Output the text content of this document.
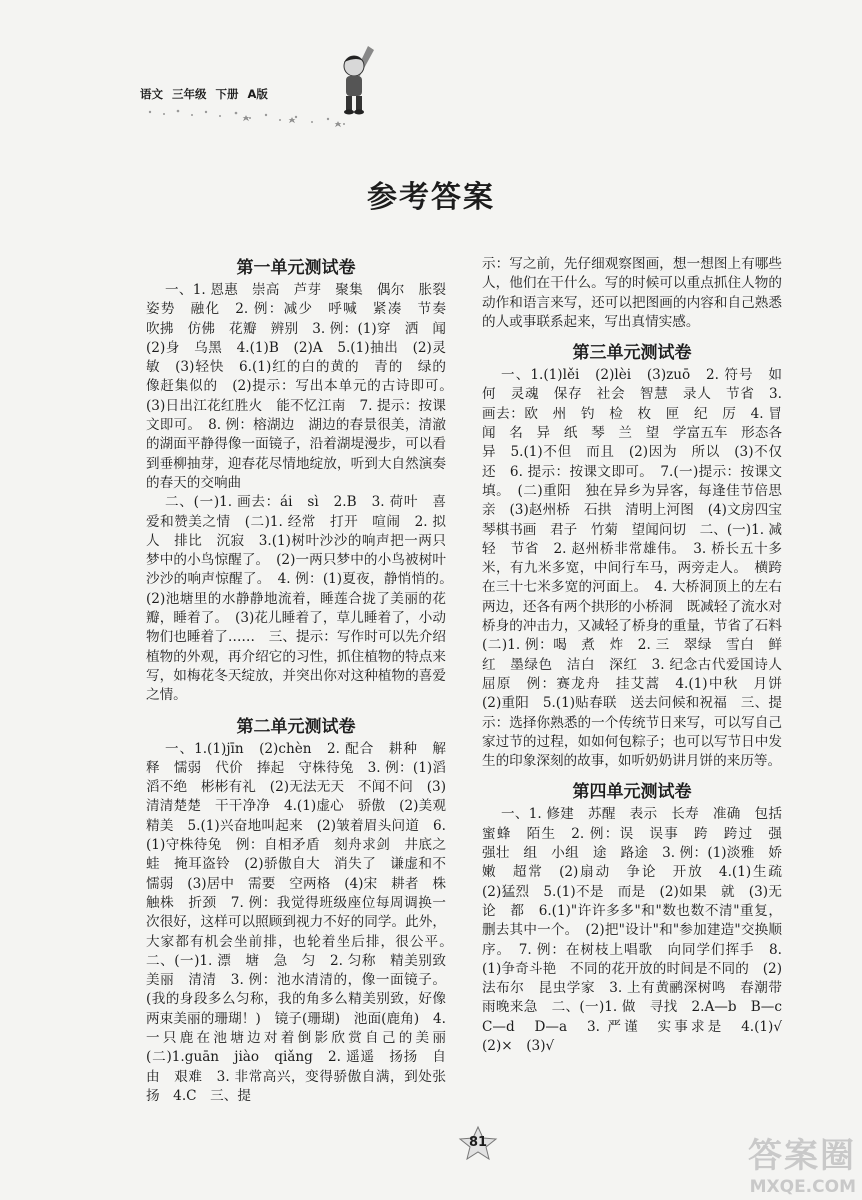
语文 三年级 下册 A版
参考答案
第一单元测试卷

一、1. 恩惠　崇高　芦芽　聚集　偶尔　胀裂　姿势　融化　2. 例：减少　呼喊　紧凑　节奏　吹拂　仿佛　花瓣　辨别　3. 例：(1)穿　洒　闻　(2)身　乌黑　4.(1)B　(2)A　5.(1)抽出　(2)灵敏　(3)轻快　6.(1)红的白的黄的　青的　绿的　像赶集似的　(2)提示：写出本单元的古诗即可。　(3)日出江花红胜火　能不忆江南　7. 提示：按课文即可。　8. 例：榕湖边　湖边的春景很美，清澈的湖面平静得像一面镜子，沿着湖堤漫步，可以看到垂柳抽芽，迎春花尽情地绽放，听到大自然演奏的春天的交响曲

二、(一)1. 画去：ái　sì　2.B　3. 荷叶　喜爱和赞美之情　(二)1. 经常　打开　喧闹　2. 拟人　排比　沉寂　3.(1)树叶沙沙的响声把一两只梦中的小鸟惊醒了。　(2)一两只梦中的小鸟被树叶沙沙的响声惊醒了。　4. 例：(1)夏夜，静悄悄的。　(2)池塘里的水静静地流着，睡莲合拢了美丽的花瓣，睡着了。　(3)花儿睡着了，草儿睡着了，小动物们也睡着了……　三、提示：写作时可以先介绍植物的外观，再介绍它的习性，抓住植物的特点来写，如梅花冬天绽放，并突出你对这种植物的喜爱之情。

第二单元测试卷

一、1.(1)jīn　(2)chèn　2. 配合　耕种　解释　懦弱　代价　捧起　守株待兔　3. 例：(1)滔滔不绝　彬彬有礼　(2)无法无天　不闻不问　(3)清清楚楚　干干净净　4.(1)虚心　骄傲　(2)美观　精美　5.(1)兴奋地叫起来　(2)皱着眉头问道　6.(1)守株待兔　例：自相矛盾　刻舟求剑　井底之蛙　掩耳盗铃　(2)骄傲自大　消失了　谦虚和不懦弱　(3)居中　需要　空两格　(4)宋　耕者　株　触株　折颈　7. 例：我觉得班级座位每周调换一次很好，这样可以照顾到视力不好的同学。此外，大家都有机会坐前排，也轮着坐后排，很公平。　二、(一)1. 漂　塘　急　匀　2. 匀称　精美别致　美丽　清清　3. 例：池水清清的，像一面镜子。(我的身段多么匀称，我的角多么精美别致，好像两束美丽的珊瑚！)　镜子(珊瑚)　池面(鹿角)　4. 一只鹿在池塘边对着倒影欣赏自己的美丽　(二)1.guān　jiào　qiǎng　2. 遥遥　扬扬　自由　艰难　3. 非常高兴，变得骄傲自满，到处张扬　4.C　三、提

示：写之前，先仔细观察图画，想一想图上有哪些人，他们在干什么。写的时候可以重点抓住人物的动作和语言来写，还可以把图画的内容和自己熟悉的人或事联系起来，写出真情实感。

第三单元测试卷

一、1.(1)lěi　(2)lèi　(3)zuō　2. 符号　如何　灵魂　保存　社会　智慧　录人　节省　3. 画去：欧　州　钓　检　枚　匣　纪　厉　4. 冒　闻　名　异　纸　琴　兰　望　学富五车　形态各异　5.(1)不但　而且　(2)因为　所以　(3)不仅　还　6. 提示：按课文即可。　7.(一)提示：按课文填。　(二)重阳　独在异乡为异客，每逢佳节倍思亲　(3)赵州桥　石拱　清明上河图　(4)文房四宝　琴棋书画　君子　竹菊　望闻问切　二、(一)1. 减轻　节省　2. 赵州桥非常雄伟。　3. 桥长五十多米，有九米多宽，中间行车马，两旁走人。　横跨在三十七米多宽的河面上。　4. 大桥洞顶上的左右两边，还各有两个拱形的小桥洞　既减轻了流水对桥身的冲击力，又减轻了桥身的重量，节省了石料　(二)1. 例：喝　煮　炸　2. 三　翠绿　雪白　鲜红　墨绿色　洁白　深红　3. 纪念古代爱国诗人屈原　例：赛龙舟　挂艾蒿　4.(1)中秋　月饼　(2)重阳　5.(1)贴春联　送去问候和祝福　三、提示：选择你熟悉的一个传统节日来写，可以写自己家过节的过程，如如何包粽子；也可以写节日中发生的印象深刻的故事，如听奶奶讲月饼的来历等。

第四单元测试卷

一、1. 修建　苏醒　表示　长寿　准确　包括　蜜蜂　陌生　2. 例：误　误事　跨　跨过　强　强壮　组　小组　途　路途　3. 例：(1)淡雅　娇嫩　超常　(2)扇动　争论　开放　4.(1)生疏　(2)猛烈　5.(1)不是　而是　(2)如果　就　(3)无论　都　6.(1)"许许多多"和"数也数不清"重复，删去其中一个。　(2)把"设计"和"参加建造"交换顺序。　7. 例：在树枝上唱歌　向同学们挥手　8.(1)争奇斗艳　不同的花开放的时间是不同的　(2)法布尔　昆虫学家　3. 上有黄鹂深树鸣　春潮带雨晚来急　二、(一)1. 做　寻找　2.A—b　B—c　C—d　D—a　3. 严谨　实事求是　4.(1)√　(2)×　(3)√

81	答案圈
MXQE.COM
